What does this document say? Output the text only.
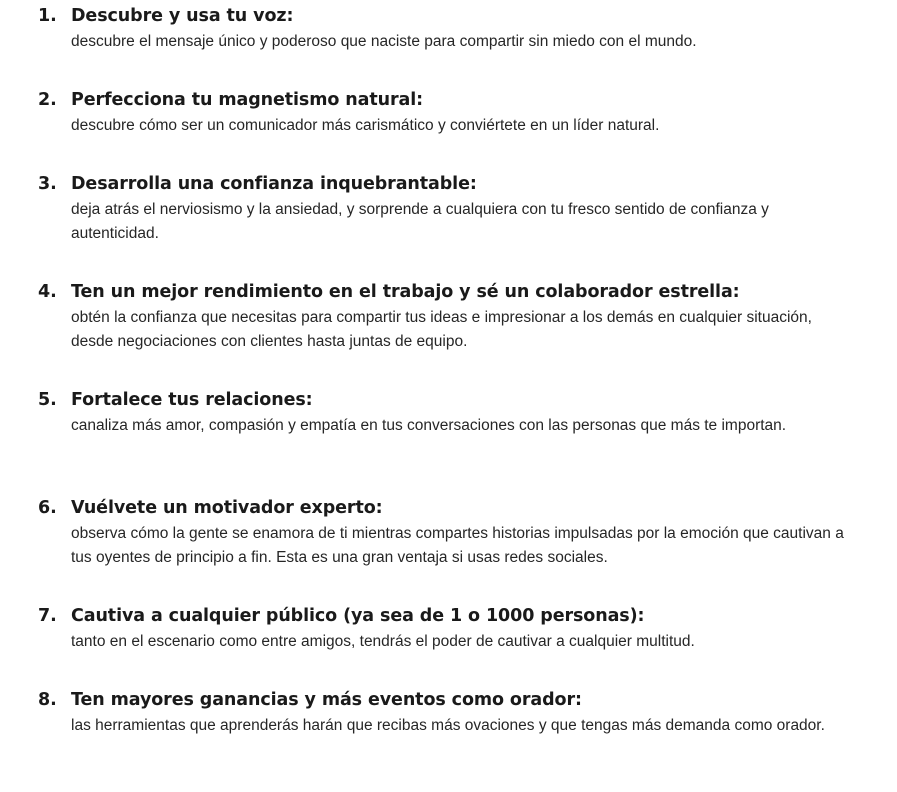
1. Descubre y usa tu voz:

descubre el mensaje único y poderoso que naciste para compartir sin miedo con el mundo.

2. Perfecciona tu magnetismo natural:

descubre cómo ser un comunicador más carismático y conviértete en un líder natural.

3. Desarrolla una confianza inquebrantable:

deja atrás el nerviosismo y la ansiedad, y sorprende a cualquiera con tu fresco sentido de confianza y autenticidad.

4. Ten un mejor rendimiento en el trabajo y sé un colaborador estrella:

obtén la confianza que necesitas para compartir tus ideas e impresionar a los demás en cualquier situación, desde negociaciones con clientes hasta juntas de equipo.

5. Fortalece tus relaciones:

canaliza más amor, compasión y empatía en tus conversaciones con las personas que más te importan.

6. Vuélvete un motivador experto:

observa cómo la gente se enamora de ti mientras compartes historias impulsadas por la emoción que cautivan a tus oyentes de principio a fin. Esta es una gran ventaja si usas redes sociales.

7. Cautiva a cualquier público (ya sea de 1 o 1000 personas):

tanto en el escenario como entre amigos, tendrás el poder de cautivar a cualquier multitud.

8. Ten mayores ganancias y más eventos como orador:

las herramientas que aprenderás harán que recibas más ovaciones y que tengas más demanda como orador.
